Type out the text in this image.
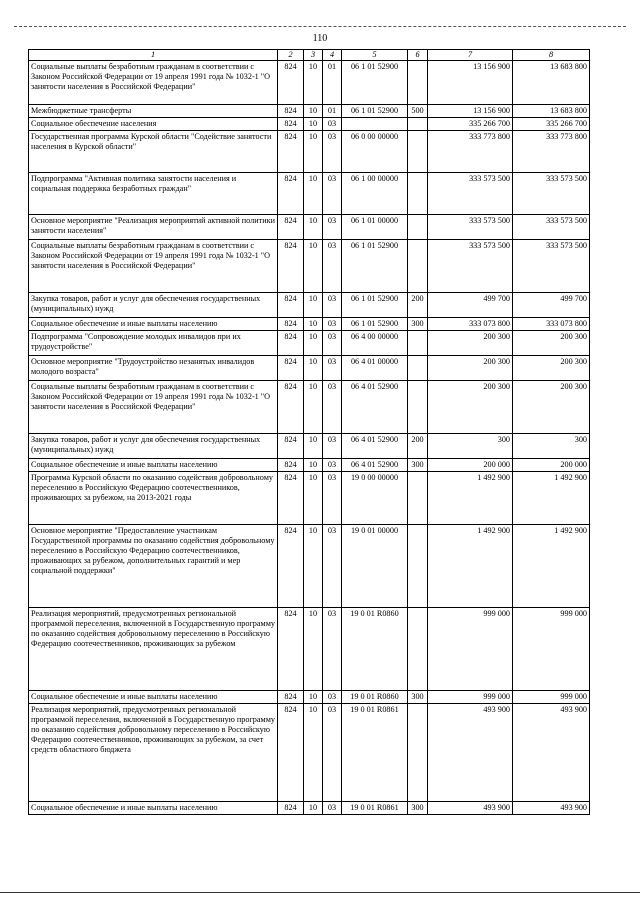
110
1	2	3	4	5	6	7	8
Социальные выплаты безработным гражданам в соответствии с Законом Российской Федерации от 19 апреля 1991 года № 1032-1 "О занятости населения в Российской Федерации"	824	10	01	06 1 01 52900		13 156 900	13 683 800
Межбюджетные трансферты	824	10	01	06 1 01 52900	500	13 156 900	13 683 800
Социальное обеспечение населения	824	10	03			335 266 700	335 266 700
Государственная программа Курской области "Содействие занятости населения в Курской области"	824	10	03	06 0 00 00000		333 773 800	333 773 800
Подпрограмма "Активная политика занятости населения и социальная поддержка безработных граждан"	824	10	03	06 1 00 00000		333 573 500	333 573 500
Основное мероприятие "Реализация мероприятий активной политики занятости населения"	824	10	03	06 1 01 00000		333 573 500	333 573 500
Социальные выплаты безработным гражданам в соответствии с Законом Российской Федерации от 19 апреля 1991 года № 1032-1 "О занятости населения в Российской Федерации"	824	10	03	06 1 01 52900		333 573 500	333 573 500
Закупка товаров, работ и услуг для обеспечения государственных (муниципальных) нужд	824	10	03	06 1 01 52900	200	499 700	499 700
Социальное обеспечение и иные выплаты населению	824	10	03	06 1 01 52900	300	333 073 800	333 073 800
Подпрограмма "Сопровождение молодых инвалидов при их трудоустройстве"	824	10	03	06 4 00 00000		200 300	200 300
Основное мероприятие "Трудоустройство незанятых инвалидов молодого возраста"	824	10	03	06 4 01 00000		200 300	200 300
Социальные выплаты безработным гражданам в соответствии с Законом Российской Федерации от 19 апреля 1991 года № 1032-1 "О занятости населения в Российской Федерации"	824	10	03	06 4 01 52900		200 300	200 300
Закупка товаров, работ и услуг для обеспечения государственных (муниципальных) нужд	824	10	03	06 4 01 52900	200	300	300
Социальное обеспечение и иные выплаты населению	824	10	03	06 4 01 52900	300	200 000	200 000
Программа Курской области по оказанию содействия добровольному переселению в Российскую Федерацию соотечественников, проживающих за рубежом, на 2013-2021 годы	824	10	03	19 0 00 00000		1 492 900	1 492 900
Основное мероприятие "Предоставление участникам Государственной программы по оказанию содействия добровольному переселению в Российскую Федерацию соотечественников, проживающих за рубежом, дополнительных гарантий и мер социальной поддержки"	824	10	03	19 0 01 00000		1 492 900	1 492 900
Реализация мероприятий, предусмотренных региональной программой переселения, включенной в Государственную программу по оказанию содействия добровольному переселению в Российскую Федерацию соотечественников, проживающих за рубежом	824	10	03	19 0 01 R0860		999 000	999 000
Социальное обеспечение и иные выплаты населению	824	10	03	19 0 01 R0860	300	999 000	999 000
Реализация мероприятий, предусмотренных региональной программой переселения, включенной в Государственную программу по оказанию содействия добровольному переселению в Российскую Федерацию соотечественников, проживающих за рубежом, за счет средств областного бюджета	824	10	03	19 0 01 R0861		493 900	493 900
Социальное обеспечение и иные выплаты населению	824	10	03	19 0 01 R0861	300	493 900	493 900
